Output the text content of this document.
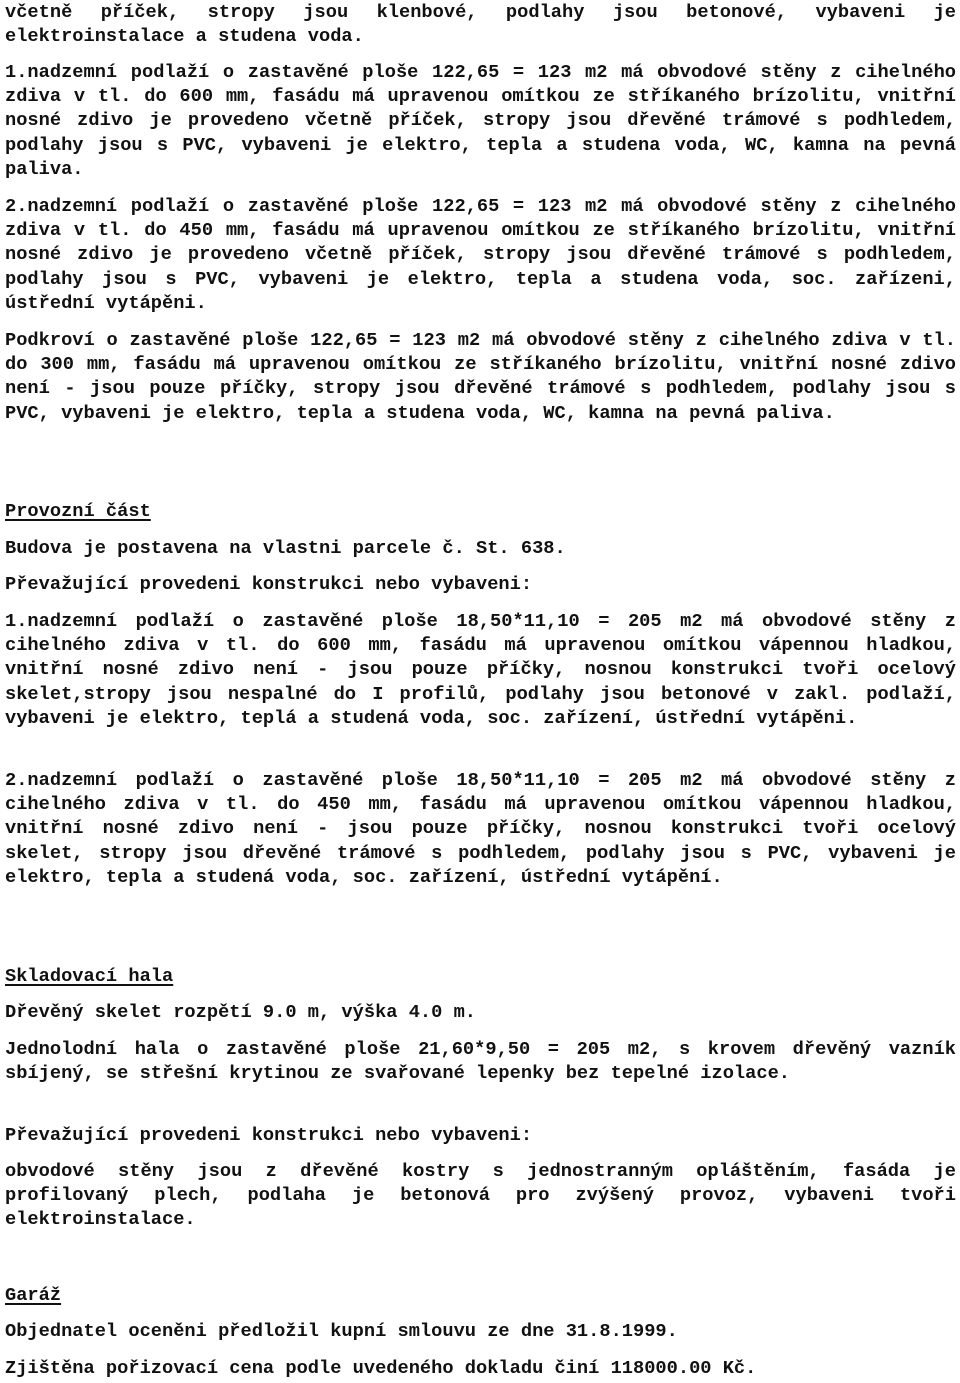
včetně příček, stropy jsou klenbové, podlahy jsou betonové, vybaveni je elektroinstalace a studena voda.

1.nadzemní podlaží o zastavěné ploše 122,65 = 123 m2 má obvodové stěny z cihelného zdiva v tl. do 600 mm, fasádu má upravenou omítkou ze stříkaného brízolitu, vnitřní nosné zdivo je provedeno včetně příček, stropy jsou dřevěné trámové s podhledem, podlahy jsou s PVC, vybaveni je elektro, tepla a studena voda, WC, kamna na pevná paliva.

2.nadzemní podlaží o zastavěné ploše 122,65 = 123 m2 má obvodové stěny z cihelného zdiva v tl. do 450 mm, fasádu má upravenou omítkou ze stříkaného brízolitu, vnitřní nosné zdivo je provedeno včetně příček, stropy jsou dřevěné trámové s podhledem, podlahy jsou s PVC, vybaveni je elektro, tepla a studena voda, soc. zařízeni, ústřední vytápěni.

Podkroví o zastavěné ploše 122,65 = 123 m2 má obvodové stěny z cihelného zdiva v tl. do 300 mm, fasádu má upravenou omítkou ze stříkaného brízolitu, vnitřní nosné zdivo není - jsou pouze příčky, stropy jsou dřevěné trámové s podhledem, podlahy jsou s PVC, vybaveni je elektro, tepla a studena voda, WC, kamna na pevná paliva.

Provozní část

Budova je postavena na vlastni parcele č. St. 638.

Převažující provedeni konstrukci nebo vybaveni:

1.nadzemní podlaží o zastavěné ploše 18,50*11,10 = 205 m2 má obvodové stěny z cihelného zdiva v tl. do 600 mm, fasádu má upravenou omítkou vápennou hladkou, vnitřní nosné zdivo není - jsou pouze příčky, nosnou konstrukci tvoři ocelový skelet,stropy jsou nespalné do I profilů, podlahy jsou betonové v zakl. podlaží, vybaveni je elektro, teplá a studená voda, soc. zařízení, ústřední vytápěni.

2.nadzemní podlaží o zastavěné ploše 18,50*11,10 = 205 m2 má obvodové stěny z cihelného zdiva v tl. do 450 mm, fasádu má upravenou omítkou vápennou hladkou, vnitřní nosné zdivo není - jsou pouze příčky, nosnou konstrukci tvoři ocelový skelet, stropy jsou dřevěné trámové s podhledem, podlahy jsou s PVC, vybaveni je elektro, tepla a studená voda, soc. zařízení, ústřední vytápění.

Skladovací hala

Dřevěný skelet rozpětí 9.0 m, výška 4.0 m.

Jednolodní hala o zastavěné ploše 21,60*9,50 = 205 m2, s krovem dřevěný vazník sbíjený, se střešní krytinou ze svařované lepenky bez tepelné izolace.

Převažující provedeni konstrukci nebo vybaveni:

obvodové stěny jsou z dřevěné kostry s jednostranným opláštěním, fasáda je profilovaný plech, podlaha je betonová pro zvýšený provoz, vybaveni tvoři elektroinstalace.

Garáž

Objednatel oceněni předložil kupní smlouvu ze dne 31.8.1999.

Zjištěna pořizovací cena podle uvedeného dokladu činí 118000.00 Kč.
